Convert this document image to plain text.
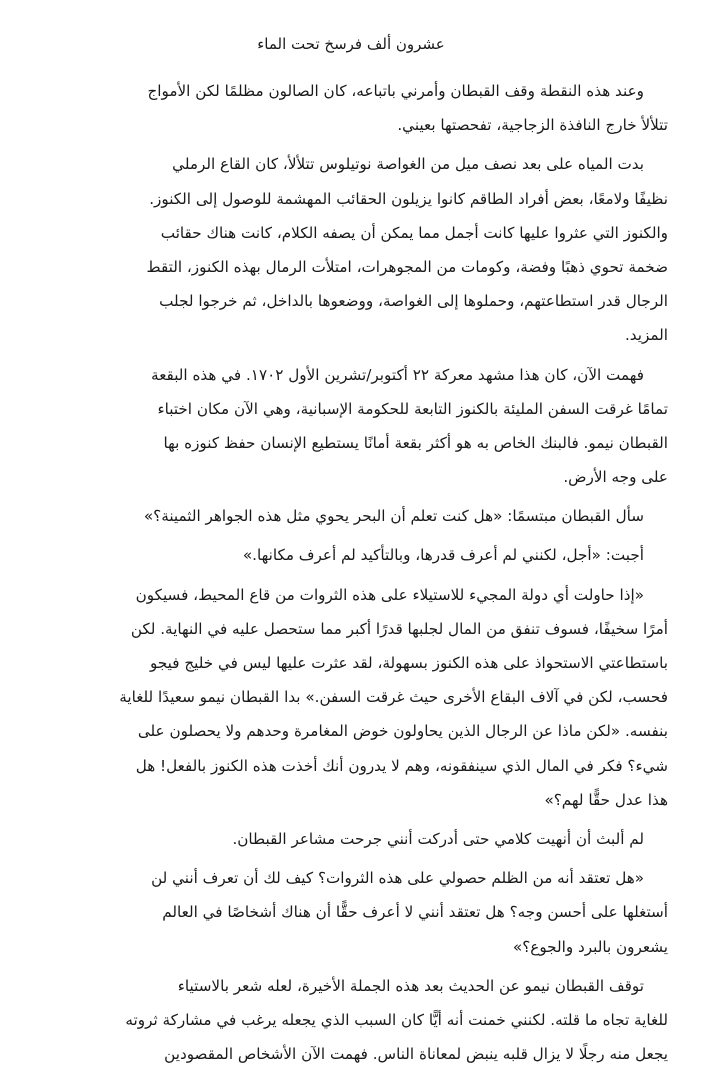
عشرون ألف فرسخ تحت الماء
وعند هذه النقطة وقف القبطان وأمرني باتباعه، كان الصالون مظلمًا لكن الأمواج
تتلألأ خارج النافذة الزجاجية، تفحصتها بعيني.
بدت المياه على بعد نصف ميل من الغواصة نوتيلوس تتلألأ، كان القاع الرملي
نظيفًا ولامعًا، بعض أفراد الطاقم كانوا يزيلون الحقائب المهشمة للوصول إلى الكنوز.
والكنوز التي عثروا عليها كانت أجمل مما يمكن أن يصفه الكلام، كانت هناك حقائب
ضخمة تحوي ذهبًا وفضة، وكومات من المجوهرات، امتلأت الرمال بهذه الكنوز، التقط
الرجال قدر استطاعتهم، وحملوها إلى الغواصة، ووضعوها بالداخل، ثم خرجوا لجلب
المزيد.
فهمت الآن، كان هذا مشهد معركة ٢٢ أكتوبر/تشرين الأول ١٧٠٢. في هذه البقعة
تمامًا غرقت السفن المليئة بالكنوز التابعة للحكومة الإسبانية، وهي الآن مكان اختباء
القبطان نيمو. فالبنك الخاص به هو أكثر بقعة أمانًا يستطيع الإنسان حفظ كنوزه بها
على وجه الأرض.
سأل القبطان مبتسمًا: «هل كنت تعلم أن البحر يحوي مثل هذه الجواهر الثمينة؟»
أجبت: «أجل، لكنني لم أعرف قدرها، وبالتأكيد لم أعرف مكانها.»
«إذا حاولت أي دولة المجيء للاستيلاء على هذه الثروات من قاع المحيط، فسيكون
أمرًا سخيفًا، فسوف تنفق من المال لجلبها قدرًا أكبر مما ستحصل عليه في النهاية. لكن
باستطاعتي الاستحواذ على هذه الكنوز بسهولة، لقد عثرت عليها ليس في خليج فيجو
فحسب، لكن في آلاف البقاع الأخرى حيث غرقت السفن.» بدا القبطان نيمو سعيدًا للغاية
بنفسه. «لكن ماذا عن الرجال الذين يحاولون خوض المغامرة وحدهم ولا يحصلون على
شيء؟ فكر في المال الذي سينفقونه، وهم لا يدرون أنك أخذت هذه الكنوز بالفعل! هل
هذا عدل حقًّا لهم؟»
لم ألبث أن أنهيت كلامي حتى أدركت أنني جرحت مشاعر القبطان.
«هل تعتقد أنه من الظلم حصولي على هذه الثروات؟ كيف لك أن تعرف أنني لن
أستغلها على أحسن وجه؟ هل تعتقد أنني لا أعرف حقًّا أن هناك أشخاصًا في العالم
يشعرون بالبرد والجوع؟»
توقف القبطان نيمو عن الحديث بعد هذه الجملة الأخيرة، لعله شعر بالاستياء
للغاية تجاه ما قلته. لكنني خمنت أنه أيًّا كان السبب الذي يجعله يرغب في مشاركة ثروته
يجعل منه رجلًا لا يزال قلبه ينبض لمعاناة الناس. فهمت الآن الأشخاص المقصودين
